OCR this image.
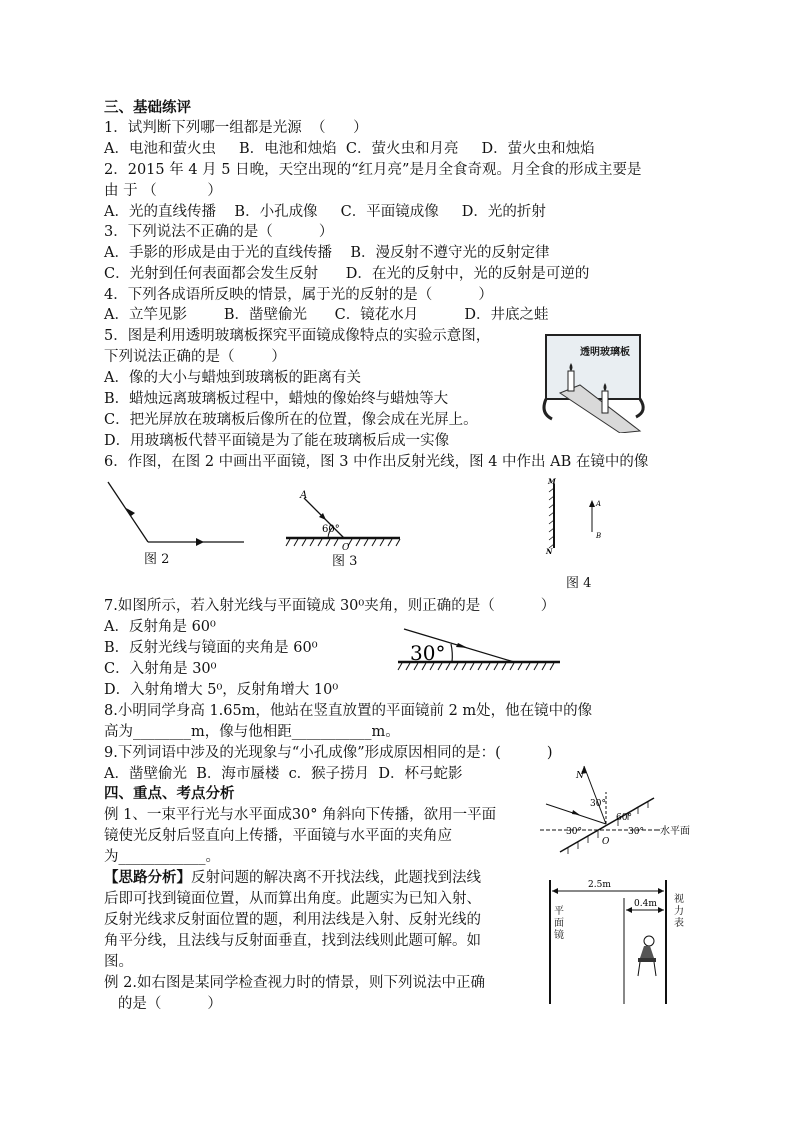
三、基础练评
1．试判断下列哪一组都是光源  （      ）
A．电池和萤火虫     B．电池和烛焰  C．萤火虫和月亮     D．萤火虫和烛焰
2．2015 年 4 月 5 日晚，天空出现的“红月亮”是月全食奇观。月全食的形成主要是
由 于 （           ）
A．光的直线传播    B．小孔成像     C．平面镜成像     D．光的折射
3．下列说法不正确的是（          ）
A．手影的形成是由于光的直线传播    B．漫反射不遵守光的反射定律
C．光射到任何表面都会发生反射      D．在光的反射中，光的反射是可逆的
4．下列各成语所反映的情景，属于光的反射的是（          ）
A．立竿见影        B．凿壁偷光      C．镜花水月          D．井底之蛙
5．图是利用透明玻璃板探究平面镜成像特点的实验示意图，
下列说法正确的是（        ）
A．像的大小与蜡烛到玻璃板的距离有关
B．蜡烛远离玻璃板过程中，蜡烛的像始终与蜡烛等大
C．把光屏放在玻璃板后像所在的位置，像会成在光屏上。
D．用玻璃板代替平面镜是为了能在玻璃板后成一实像
透明玻璃板
6．作图，在图 2 中画出平面镜，图 3 中作出反射光线，图 4 中作出 AB 在镜中的像
图 2
A
60°
O
图 3
M
N
A
B
图 4
7.如图所示，若入射光线与平面镜成 30⁰夹角，则正确的是（          ）
A．反射角是 60⁰
B．反射光线与镜面的夹角是 60⁰
C．入射角是 30⁰
D．入射角增大 5⁰，反射角增大 10⁰
30°
8.小明同学身高 1.65m，他站在竖直放置的平面镜前 2 m处，他在镜中的像
高为________m，像与他相距___________m。
9.下列词语中涉及的光现象与“小孔成像”形成原因相同的是：(          )
A．凿壁偷光  B．海市蜃楼  c．猴子捞月  D．杯弓蛇影
四、重点、考点分析
例 1、一束平行光与水平面成30° 角斜向下传播，欲用一平面
镜使光反射后竖直向上传播，平面镜与水平面的夹角应
为____________。
【思路分析】反射问题的解决离不开找法线，此题找到法线
后即可找到镜面位置，从而算出角度。此题实为已知入射、
反射光线求反射面位置的题，利用法线是入射、反射光线的
角平分线，且法线与反射面垂直，找到法线则此题可解。如
图。
例 2.如右图是某同学检查视力时的情景，则下列说法中正确
的是（          ）
N
30°
60°
30°	30°
O
水平面
2.5m
0.4m
平面镜
视力表
